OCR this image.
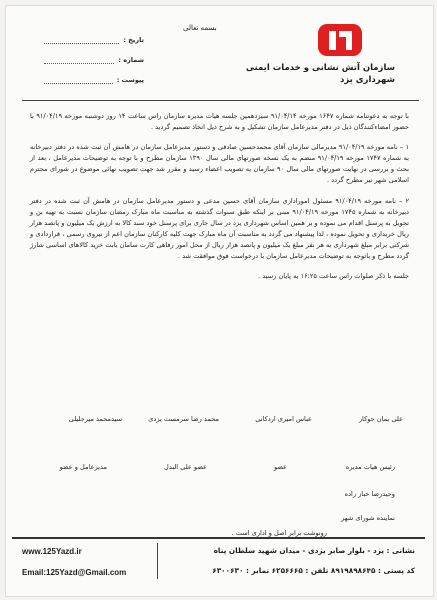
بسمه تعالی
تاریخ :
شماره :
پیوست :
سازمان آتش نشانی و خدمات ایمنی
شهرداری یزد

با توجه به دعوتنامه شماره ۱۶۴۷ مورخه ۹۱/۰۴/۱۴ سیزدهمین جلسه هیات مدیره سازمان راس ساعت ۱۴ روز دوشنبه مورخه ۹۱/۰۴/۱۹ با حضور امضاءکنندگان ذیل در دفتر مدیرعامل سازمان تشکیل و به شرح ذیل اتخاذ تصمیم گردید .

۱ – نامه مورخه ۹۱/۰۴/۱۹ مدیرمالی سازمان آقای محمدحسین صادقی و دستور مدیرعامل سازمان در هامش آن ثبت شده در دفتر دبیرخانه به شماره ۱۷۴۷ مورخه ۹۱/۰۴/۱۹ منضم به یک نسخه صورتهای مالی سال ۱۳۹۰ سازمان مطرح و با توجه به توضیحات مدیرعامل ، بعد از بحث و بررسی در نهایت صورتهای مالی سال ۹۰ سازمان به تصویب اعضاء رسید و مقرر شد جهت تصویب نهائی موضوع در شورای محترم اسلامی شهر نیز مطرح گردد .

۲ – نامه مورخه ۹۱/۰۴/۱۹ مسئول اموراداری سازمان آقای حسین مدعی و دستور مدیرعامل سازمان در هامش آن ثبت شده در دفتر دبیرخانه به شماره ۱۷۴۵ مورخه ۹۱/۰۴/۱۹ مبنی بر اینکه طبق سنوات گذشته به مناسبت ماه مبارک رمضان سازمان نسبت به تهیه بن و تحویل به پرسنل اقدام می نموده و بر همین اساس شهرداری یزد در سال جاری برای پرسنل خود سبد کالا به ارزش یک میلیون و پانصد هزار ریال خریداری و تحویل نموده ، لذا پیشنهاد می گردد به مناسبت آن ماه مبارک جهت کلیه کارکنان سازمان اعم از نیروی رسمی ، قراردادی و شرکتی برابر مبلغ شهرداری به هر نفر مبلغ یک میلیون و پانصد هزار ریال از محل امور رفاهی کارت سامان بابت خرید کالاهای اساسی شارژ گردد مطرح و باتوجه به توضیحات مدیرعامل سازمان با درخواست فوق موافقت شد .

جلسه با ذکر صلوات راس ساعت ۱۶:۲۵ به پایان رسید .

علی بمان جوکار
عباس امیری اردکانی
محمد رضا سرمست یزدی
سیدمحمد میرجلیلی
رئیس هیات مدیره
عضو
عضو علی البدل
مدیرعامل و عضو
وحیدرضا خباز زاده
نماینده شورای شهر
رونوشت برابر اصل و اداری است .
www.125Yazd.ir
Email:125Yazd@Gmail.com
نشانی : یزد - بلوار صابر یزدی - میدان شهید سلطان پناه
کد پستی : ۸۹۱۹۸۹۸۶۴۵ تلفن : ۶۲۵۶۶۶۵ نمابر : ۶۳۰۰۶۳۰
